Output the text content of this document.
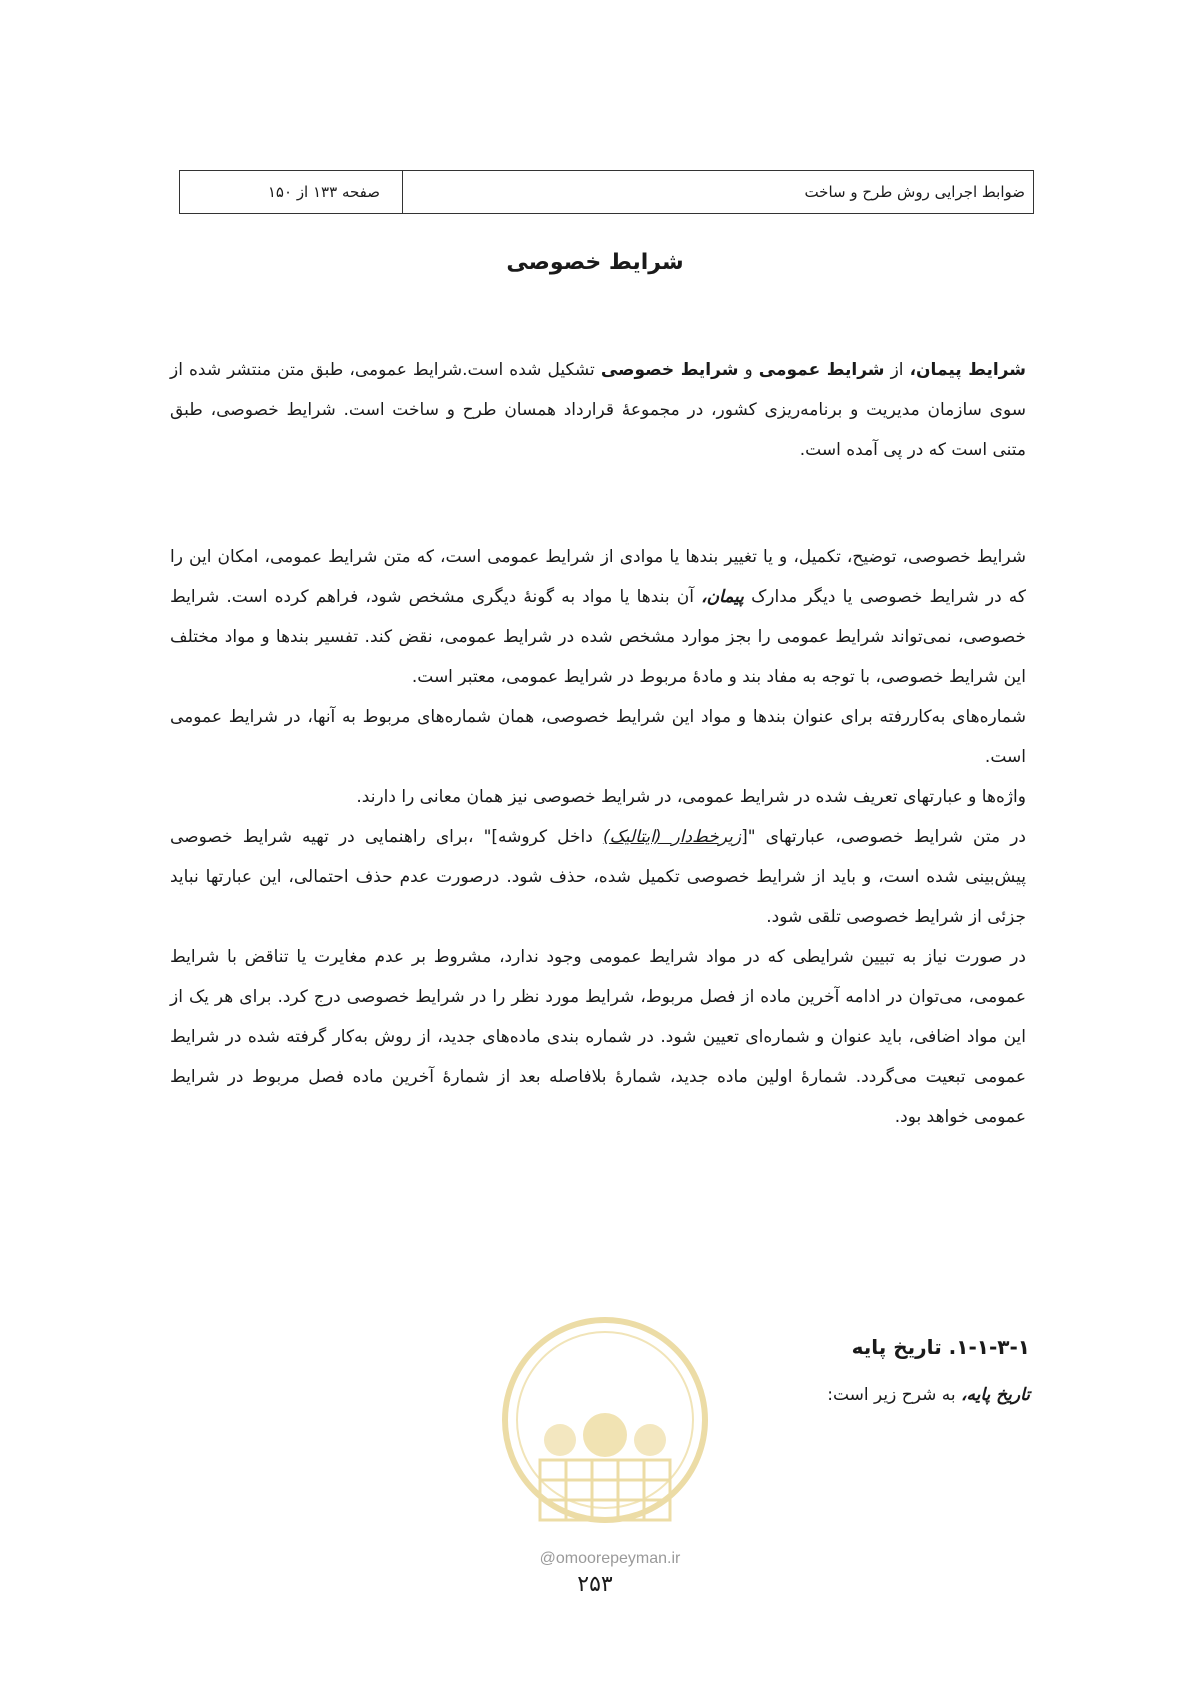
ضوابط اجرایی روش طرح و ساخت
صفحه ۱۳۳ از ۱۵۰
شرایط خصوصی

شرایط پیمان، از شرایط عمومی و شرایط خصوصی تشکیل شده است.شرایط عمومی، طبق متن منتشر شده از سوی سازمان مدیریت و برنامه‌ریزی کشور، در مجموعهٔ قرارداد همسان طرح و ساخت است. شرایط خصوصی، طبق متنی است که در پی آمده است.

شرایط خصوصی، توضیح، تکمیل، و یا تغییر بندها یا موادی از شرایط عمومی است، که متن شرایط عمومی، امکان این را که در شرایط خصوصی یا دیگر مدارک پیمان، آن بندها یا مواد به گونهٔ دیگری مشخص شود، فراهم کرده است. شرایط خصوصی، نمی‌تواند شرایط عمومی را بجز موارد مشخص شده در شرایط عمومی، نقض کند. تفسیر بندها و مواد مختلف این شرایط خصوصی، با توجه به مفاد بند و مادهٔ مربوط در شرایط عمومی، معتبر است.

شماره‌های به‌کاررفته برای عنوان بندها و مواد این شرایط خصوصی، همان شماره‌های مربوط به آنها، در شرایط عمومی است.

واژه‌ها و عبارتهای تعریف شده در شرایط عمومی، در شرایط خصوصی نیز همان معانی را دارند.

در متن شرایط خصوصی، عبارتهای "[زیرخط‌دار (ایتالیک) داخل کروشه]" ،برای راهنمایی در تهیه شرایط خصوصی پیش‌بینی شده است، و باید از شرایط خصوصی تکمیل شده، حذف شود. درصورت عدم حذف احتمالی، این عبارتها نباید جزئی از شرایط خصوصی تلقی شود.

در صورت نیاز به تبیین شرایطی که در مواد شرایط عمومی وجود ندارد، مشروط بر عدم مغایرت یا تناقض با شرایط عمومی، می‌توان در ادامه آخرین ماده از فصل مربوط، شرایط مورد نظر را در شرایط خصوصی درج کرد. برای هر یک از این مواد اضافی، باید عنوان و شماره‌ای تعیین شود. در شماره بندی ماده‌های جدید، از روش به‌کار گرفته شده در شرایط عمومی تبعیت می‌گردد. شمارهٔ اولین ماده جدید، شمارهٔ بلافاصله بعد از شمارهٔ آخرین ماده فصل مربوط در شرایط عمومی خواهد بود.

@omoorepeyman.ir
۱-۱-۳-۱. تاریخ پایه
تاریخ پایه، به شرح زیر است:
۲۵۳
